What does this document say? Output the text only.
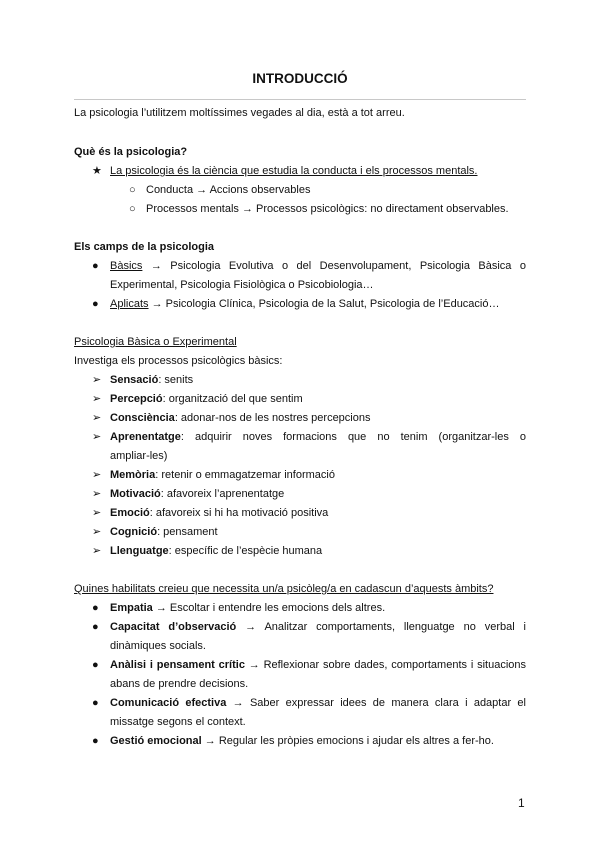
INTRODUCCIÓ
La psicologia l’utilitzem moltíssimes vegades al dia, està a tot arreu.
Què és la psicologia?
★ La psicologia és la ciència que estudia la conducta i els processos mentals.
○ Conducta → Accions observables
○ Processos mentals → Processos psicològics: no directament observables.
Els camps de la psicologia
● Bàsics → Psicologia Evolutiva o del Desenvolupament, Psicologia Bàsica o
Experimental, Psicologia Fisiològica o Psicobiologia…
● Aplicats → Psicologia Clínica, Psicologia de la Salut, Psicologia de l’Educació…
Psicologia Bàsica o Experimental
Investiga els processos psicològics bàsics:
➢ Sensació: senits
➢ Percepció: organització del que sentim
➢ Consciència: adonar-nos de les nostres percepcions
➢ Aprenentatge: adquirir noves formacions que no tenim (organitzar-les o
ampliar-les)
➢ Memòria: retenir o emmagatzemar informació
➢ Motivació: afavoreix l’aprenentatge
➢ Emoció: afavoreix si hi ha motivació positiva
➢ Cognició: pensament
➢ Llenguatge: específic de l’espècie humana
Quines habilitats creieu que necessita un/a psicòleg/a en cadascun d’aquests àmbits?
● Empatia → Escoltar i entendre les emocions dels altres.
● Capacitat d’observació → Analitzar comportaments, llenguatge no verbal i
dinàmiques socials.
● Anàlisi i pensament crític → Reflexionar sobre dades, comportaments i situacions
abans de prendre decisions.
● Comunicació efectiva → Saber expressar idees de manera clara i adaptar el
missatge segons el context.
● Gestió emocional → Regular les pròpies emocions i ajudar els altres a fer-ho.
1
